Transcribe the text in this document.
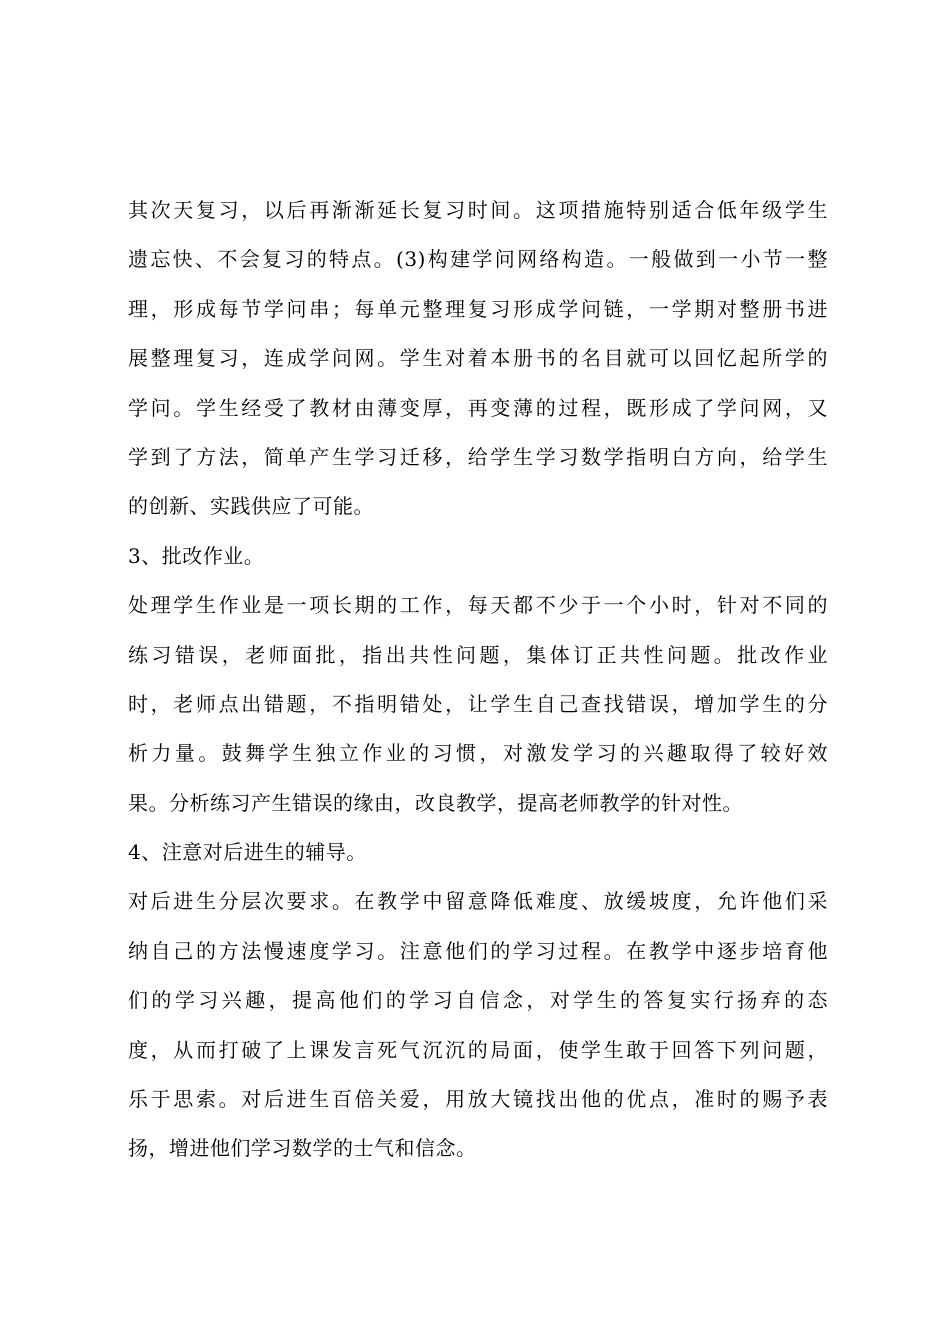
其次天复习，以后再渐渐延长复习时间。这项措施特别适合低年级学生
遗忘快、不会复习的特点。(3)构建学问网络构造。一般做到一小节一整
理，形成每节学问串；每单元整理复习形成学问链，一学期对整册书进
展整理复习，连成学问网。学生对着本册书的名目就可以回忆起所学的
学问。学生经受了教材由薄变厚，再变薄的过程，既形成了学问网，又
学到了方法，简单产生学习迁移，给学生学习数学指明白方向，给学生
的创新、实践供应了可能。
3、批改作业。
处理学生作业是一项长期的工作，每天都不少于一个小时，针对不同的
练习错误，老师面批，指出共性问题，集体订正共性问题。批改作业
时，老师点出错题，不指明错处，让学生自己查找错误，增加学生的分
析力量。鼓舞学生独立作业的习惯，对激发学习的兴趣取得了较好效
果。分析练习产生错误的缘由，改良教学，提高老师教学的针对性。
4、注意对后进生的辅导。
对后进生分层次要求。在教学中留意降低难度、放缓坡度，允许他们采
纳自己的方法慢速度学习。注意他们的学习过程。在教学中逐步培育他
们的学习兴趣，提高他们的学习自信念，对学生的答复实行扬弃的态
度，从而打破了上课发言死气沉沉的局面，使学生敢于回答下列问题，
乐于思索。对后进生百倍关爱，用放大镜找出他的优点，准时的赐予表
扬，增进他们学习数学的士气和信念。
